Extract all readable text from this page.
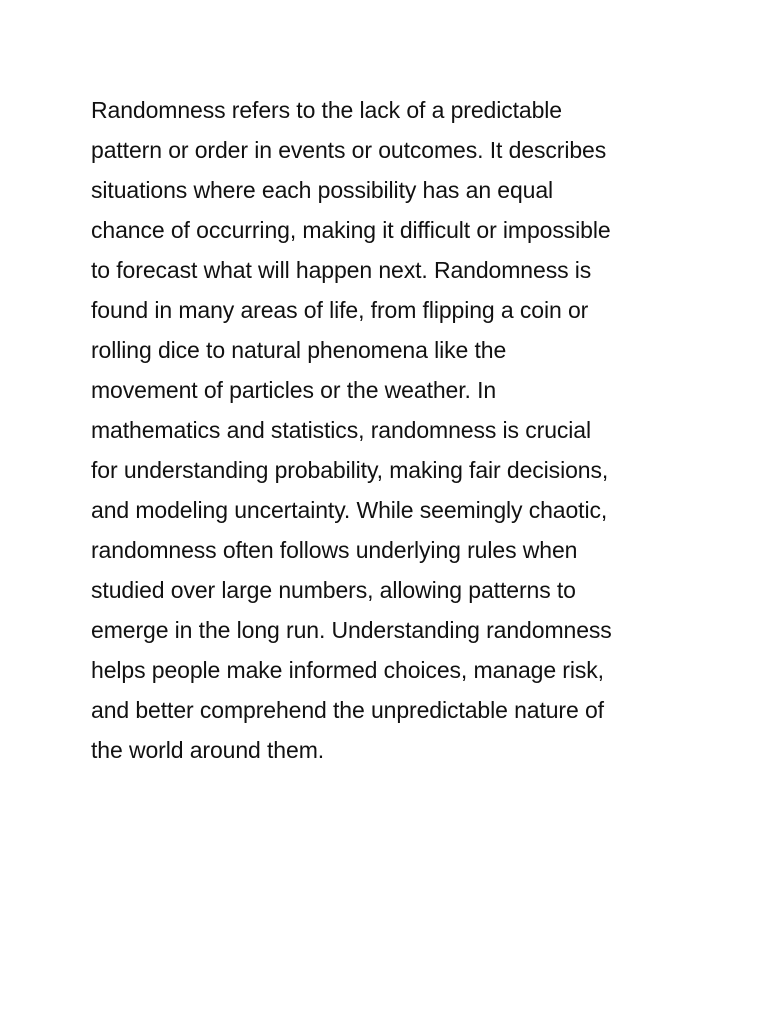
Randomness refers to the lack of a predictable
pattern or order in events or outcomes. It describes
situations where each possibility has an equal
chance of occurring, making it difficult or impossible
to forecast what will happen next. Randomness is
found in many areas of life, from flipping a coin or
rolling dice to natural phenomena like the
movement of particles or the weather. In
mathematics and statistics, randomness is crucial
for understanding probability, making fair decisions,
and modeling uncertainty. While seemingly chaotic,
randomness often follows underlying rules when
studied over large numbers, allowing patterns to
emerge in the long run. Understanding randomness
helps people make informed choices, manage risk,
and better comprehend the unpredictable nature of
the world around them.
